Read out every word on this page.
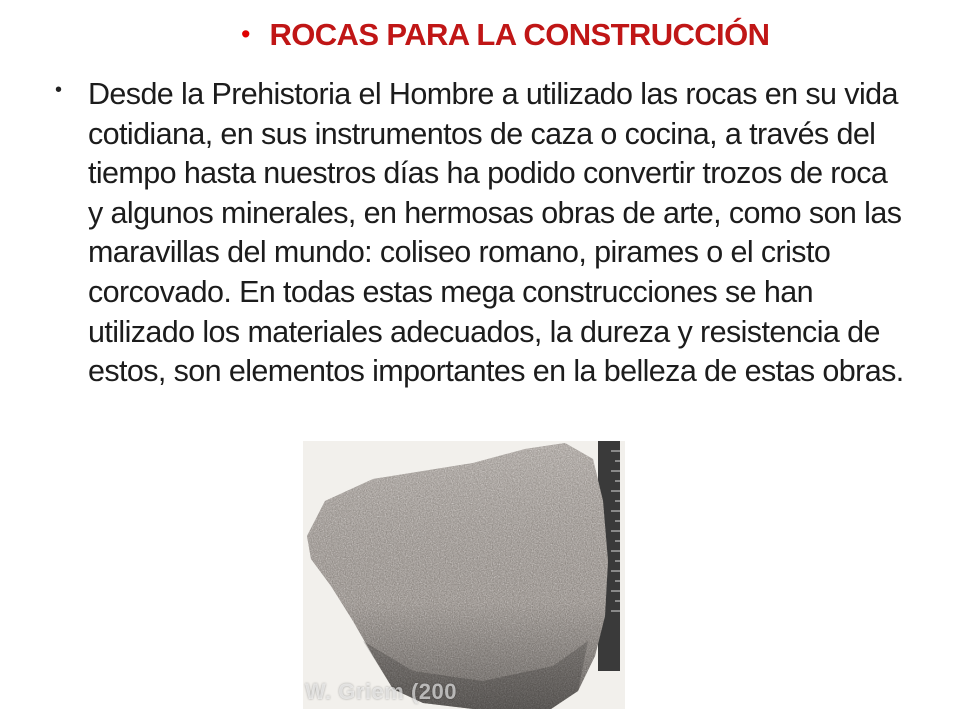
• ROCAS PARA LA CONSTRUCCIÓN
• Desde la Prehistoria el Hombre a utilizado las rocas en su vida
cotidiana, en sus instrumentos de caza o cocina, a través del
tiempo hasta nuestros días ha podido convertir trozos de roca
y algunos minerales, en hermosas obras de arte, como son las
maravillas del mundo: coliseo romano, pirames o el cristo
corcovado. En todas estas mega construcciones se han
utilizado los materiales adecuados, la dureza y resistencia de
estos, son elementos importantes en la belleza de estas obras.

W. Griem (200
